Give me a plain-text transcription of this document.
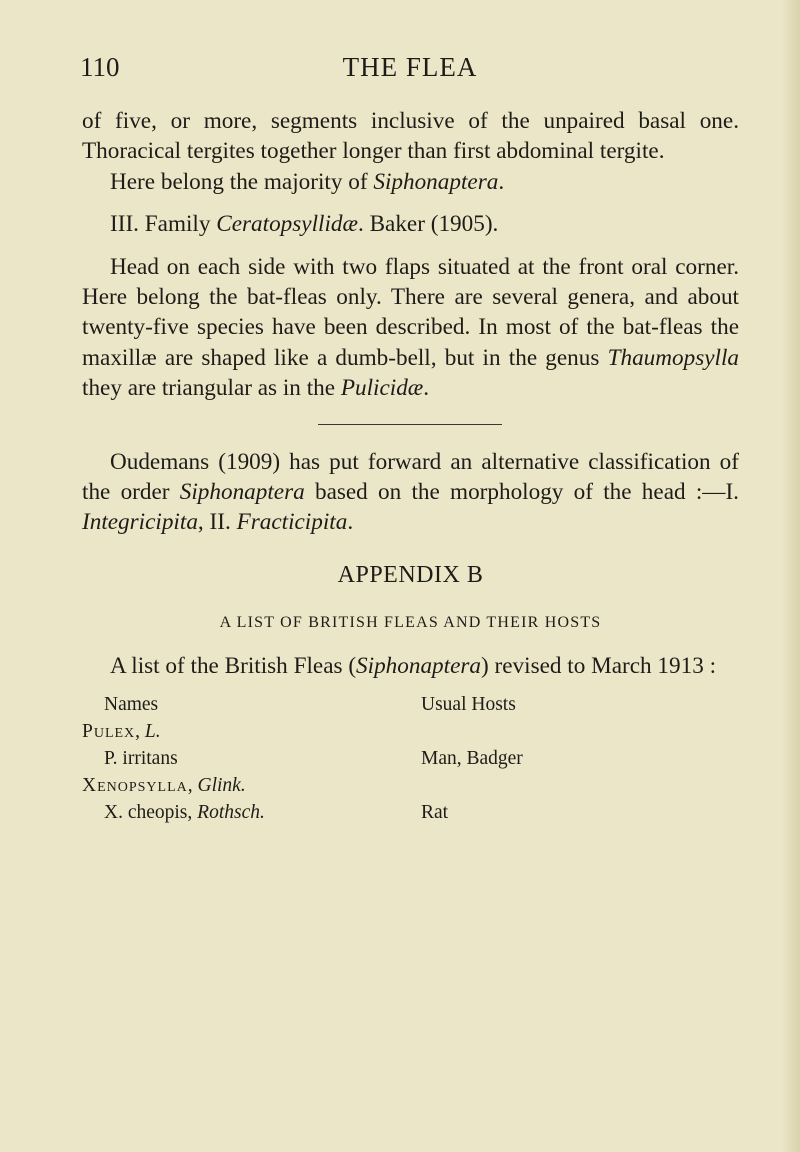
110	THE FLEA

of five, or more, segments inclusive of the unpaired basal one. Thoracical tergites together longer than first abdominal tergite.

Here belong the majority of Siphonaptera.

III. Family Ceratopsyllidæ. Baker (1905).

Head on each side with two flaps situated at the front oral corner. Here belong the bat-fleas only. There are several genera, and about twenty-five species have been described. In most of the bat-fleas the maxillæ are shaped like a dumb-bell, but in the genus Thaumopsylla they are triangular as in the Pulicidæ.

Oudemans (1909) has put forward an alternative classification of the order Siphonaptera based on the morphology of the head :—I. Integricipita, II. Fracticipita.

APPENDIX B
A LIST OF BRITISH FLEAS AND THEIR HOSTS

A list of the British Fleas (Siphonaptera) revised to March 1913 :

Names	Usual Hosts
Pulex, L.
P. irritans	Man, Badger
Xenopsylla, Glink.
X. cheopis, Rothsch.	Rat
